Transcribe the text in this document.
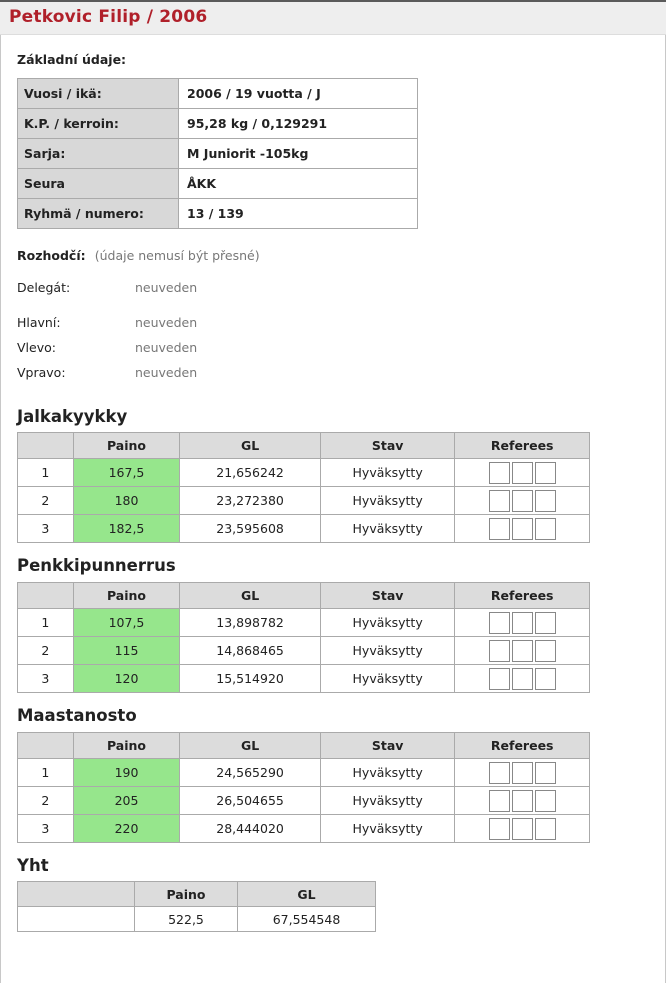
Petkovic Filip / 2006
Základní údaje:
Vuosi / ikä:	2006 / 19 vuotta / J
K.P. / kerroin:	95,28 kg / 0,129291
Sarja:	M Juniorit -105kg
Seura	ÅKK
Ryhmä / numero:	13 / 139
Rozhodčí: (údaje nemusí být přesné)
Delegát:	neuveden
Hlavní:	neuveden
Vlevo:	neuveden
Vpravo:	neuveden
Jalkakyykky
	Paino	GL	Stav	Referees
1	167,5	21,656242	Hyväksytty	
2	180	23,272380	Hyväksytty	
3	182,5	23,595608	Hyväksytty	
Penkkipunnerrus
	Paino	GL	Stav	Referees
1	107,5	13,898782	Hyväksytty	
2	115	14,868465	Hyväksytty	
3	120	15,514920	Hyväksytty	
Maastanosto
	Paino	GL	Stav	Referees
1	190	24,565290	Hyväksytty	
2	205	26,504655	Hyväksytty	
3	220	28,444020	Hyväksytty	
Yht
	Paino	GL
	522,5	67,554548
